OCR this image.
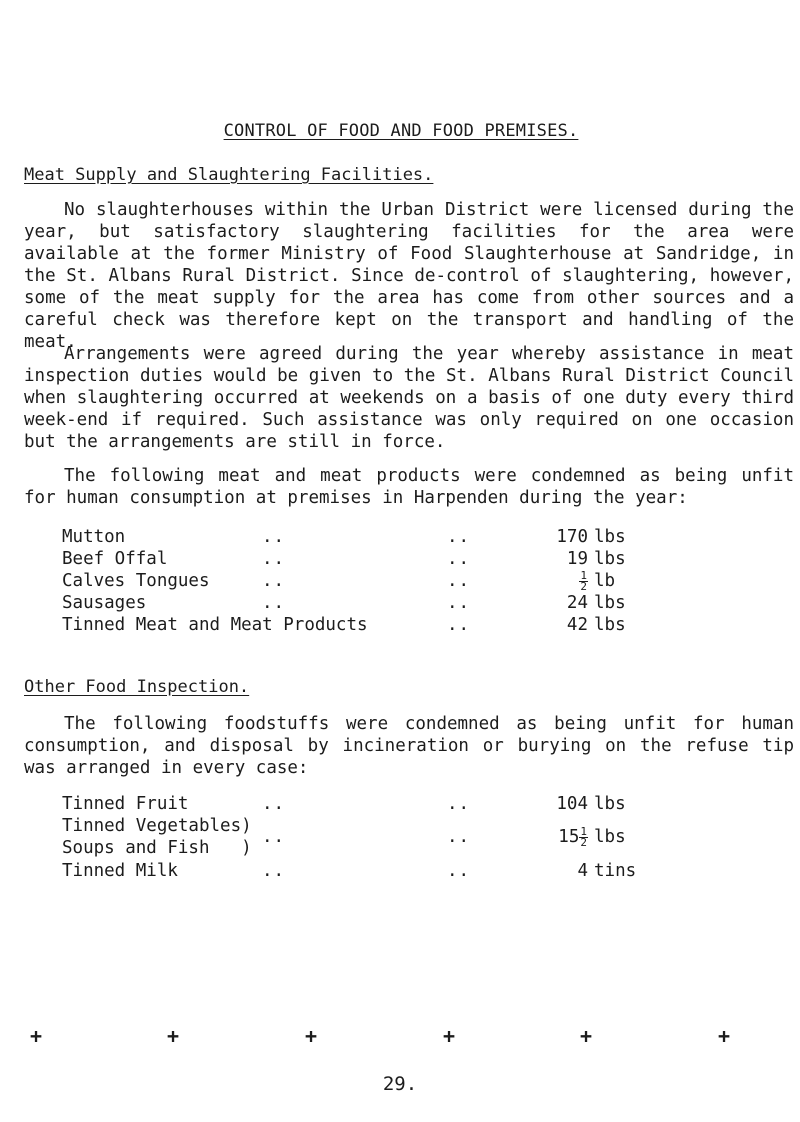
CONTROL OF FOOD AND FOOD PREMISES.
Meat Supply and Slaughtering Facilities.

No slaughterhouses within the Urban District were licensed during the year, but satisfactory slaughtering facilities for the area were available at the former Ministry of Food Slaughterhouse at Sandridge, in the St. Albans Rural District. Since de-control of slaughtering, however, some of the meat supply for the area has come from other sources and a careful check was therefore kept on the transport and handling of the meat.

Arrangements were agreed during the year whereby assistance in meat inspection duties would be given to the St. Albans Rural District Council when slaughtering occurred at weekends on a basis of one duty every third week-end if required. Such assistance was only required on one occasion but the arrangements are still in force.

The following meat and meat products were condemned as being unfit for human consumption at premises in Harpenden during the year:

Mutton	..	..	170 lbs
Beef Offal	..	..	19 lbs
Calves Tongues	..	..	$\frac{1}{2}$ lb
Sausages	..	..	24 lbs
Tinned Meat and Meat Products	..	42 lbs
Other Food Inspection.

The following foodstuffs were condemned as being unfit for human consumption, and disposal by incineration or burying on the refuse tip was arranged in every case:

Tinned Fruit	..	..	104 lbs
Tinned Vegetables)
Soups and Fish   )
..	..	$15 \frac{1}{2}$ lbs
Tinned Milk	..	..	4 tins
+	+	+	+	+	+
29.
